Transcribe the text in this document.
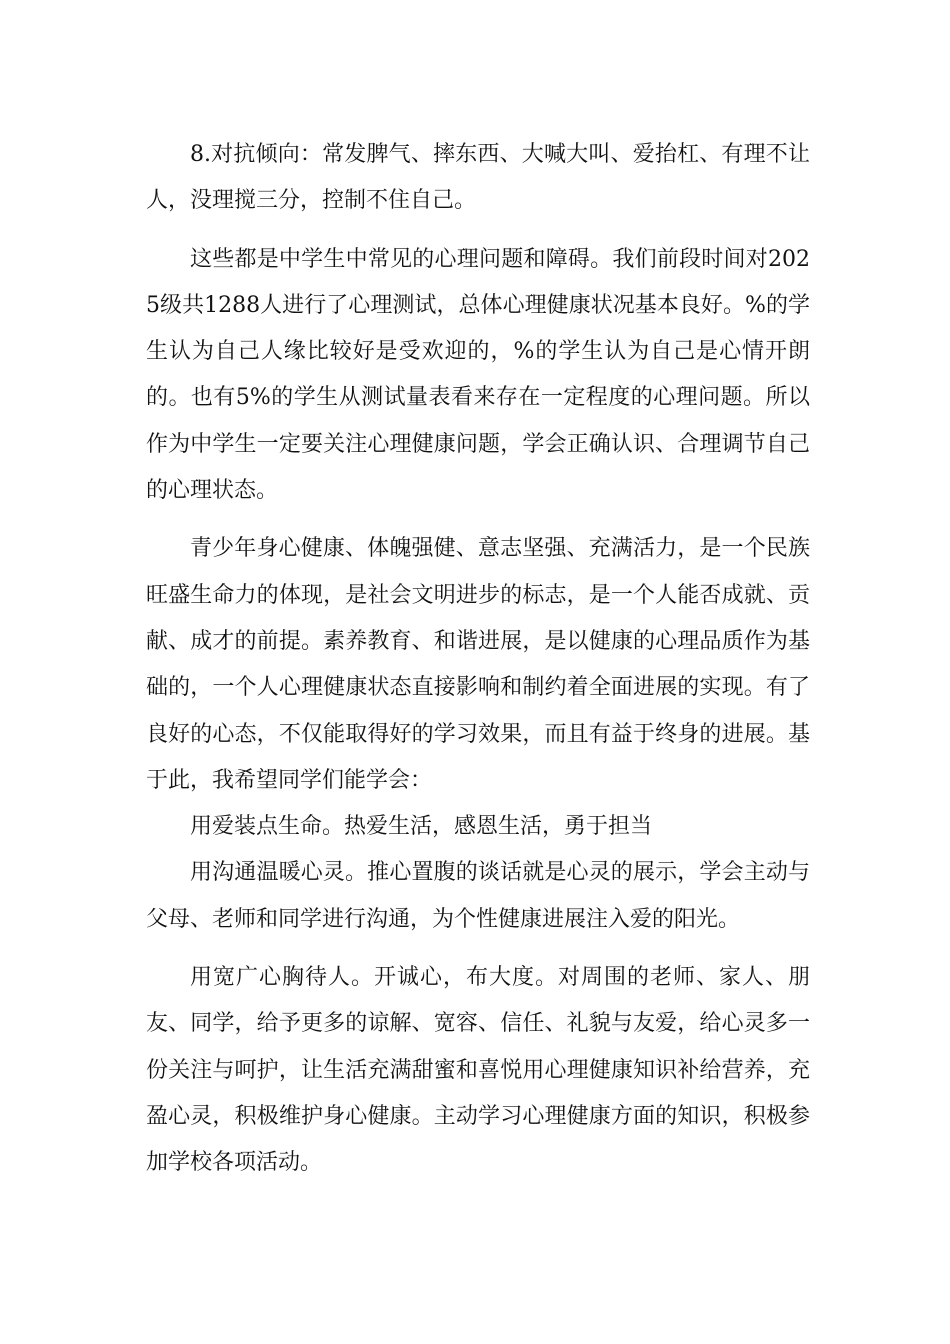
8.对抗倾向：常发脾气、摔东西、大喊大叫、爱抬杠、有理不让人，没理搅三分，控制不住自己。

这些都是中学生中常见的心理问题和障碍。我们前段时间对2025级共1288人进行了心理测试，总体心理健康状况基本良好。%的学生认为自己人缘比较好是受欢迎的，%的学生认为自己是心情开朗的。也有5%的学生从测试量表看来存在一定程度的心理问题。所以作为中学生一定要关注心理健康问题，学会正确认识、合理调节自己的心理状态。

青少年身心健康、体魄强健、意志坚强、充满活力，是一个民族旺盛生命力的体现，是社会文明进步的标志，是一个人能否成就、贡献、成才的前提。素养教育、和谐进展，是以健康的心理品质作为基础的，一个人心理健康状态直接影响和制约着全面进展的实现。有了良好的心态，不仅能取得好的学习效果，而且有益于终身的进展。基于此，我希望同学们能学会：

用爱装点生命。热爱生活，感恩生活，勇于担当

用沟通温暖心灵。推心置腹的谈话就是心灵的展示，学会主动与父母、老师和同学进行沟通，为个性健康进展注入爱的阳光。

用宽广心胸待人。开诚心，布大度。对周围的老师、家人、朋友、同学，给予更多的谅解、宽容、信任、礼貌与友爱，给心灵多一份关注与呵护，让生活充满甜蜜和喜悦用心理健康知识补给营养，充盈心灵，积极维护身心健康。主动学习心理健康方面的知识，积极参加学校各项活动。
